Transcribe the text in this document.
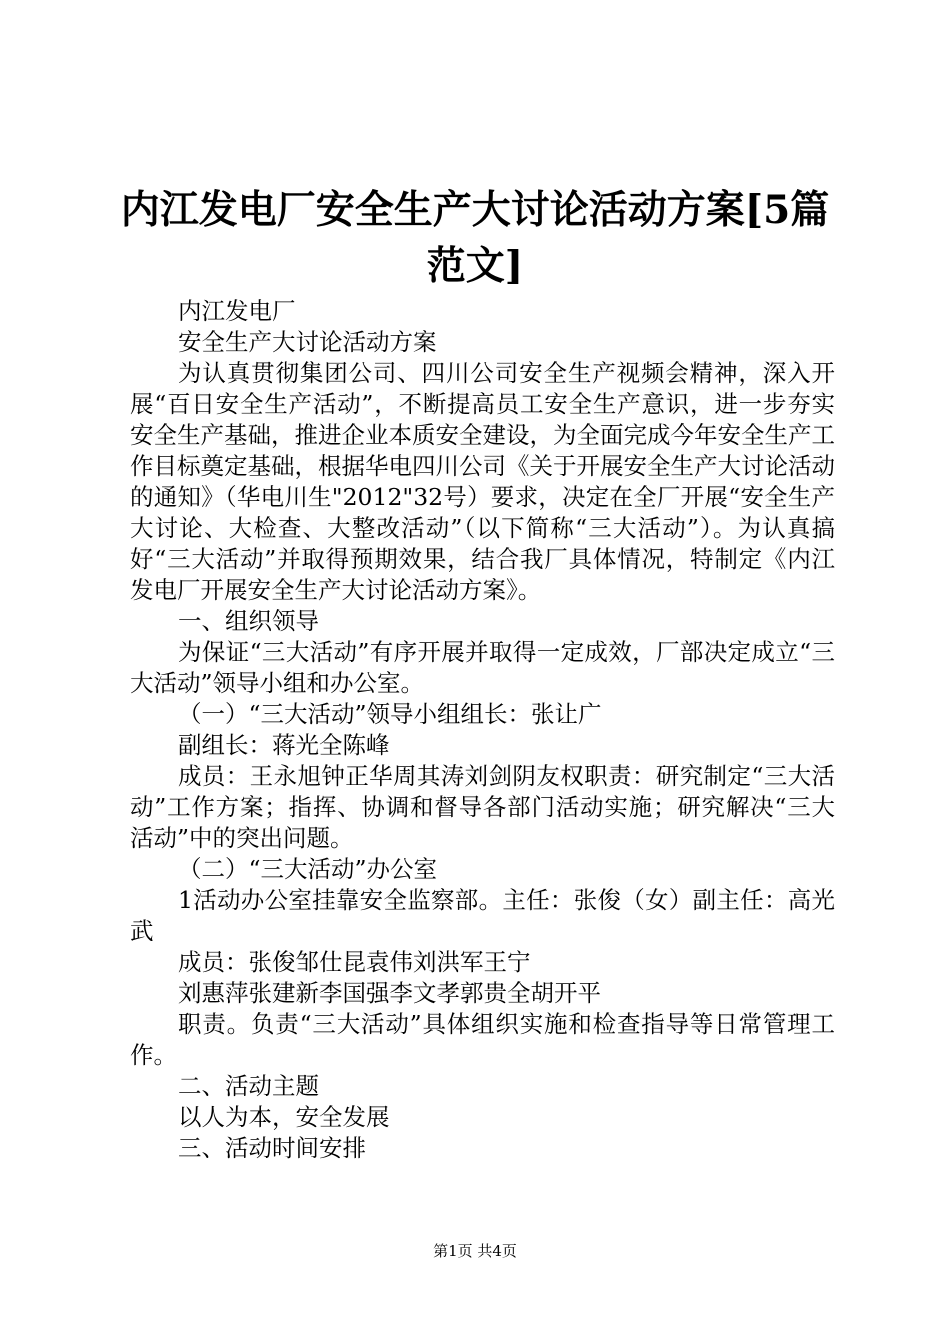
内江发电厂安全生产大讨论活动方案[5篇范文]

内江发电厂

安全生产大讨论活动方案

为认真贯彻集团公司、四川公司安全生产视频会精神，深入开展“百日安全生产活动”，不断提高员工安全生产意识，进一步夯实安全生产基础，推进企业本质安全建设，为全面完成今年安全生产工作目标奠定基础，根据华电四川公司《关于开展安全生产大讨论活动的通知》（华电川生"2012"32号）要求，决定在全厂开展“安全生产大讨论、大检查、大整改活动”（以下简称“三大活动”）。为认真搞好“三大活动”并取得预期效果，结合我厂具体情况，特制定《内江发电厂开展安全生产大讨论活动方案》。

一、组织领导

为保证“三大活动”有序开展并取得一定成效，厂部决定成立“三大活动”领导小组和办公室。

（一）“三大活动”领导小组组长：张让广

副组长：蒋光全陈峰

成员：王永旭钟正华周其涛刘剑阴友权职责：研究制定“三大活动”工作方案；指挥、协调和督导各部门活动实施；研究解决“三大活动”中的突出问题。

（二）“三大活动”办公室

1活动办公室挂靠安全监察部。主任：张俊（女）副主任：高光武

成员：张俊邹仕昆袁伟刘洪军王宁

刘惠萍张建新李国强李文孝郭贵全胡开平

职责。负责“三大活动”具体组织实施和检查指导等日常管理工作。

二、活动主题

以人为本，安全发展

三、活动时间安排

第1页 共4页
